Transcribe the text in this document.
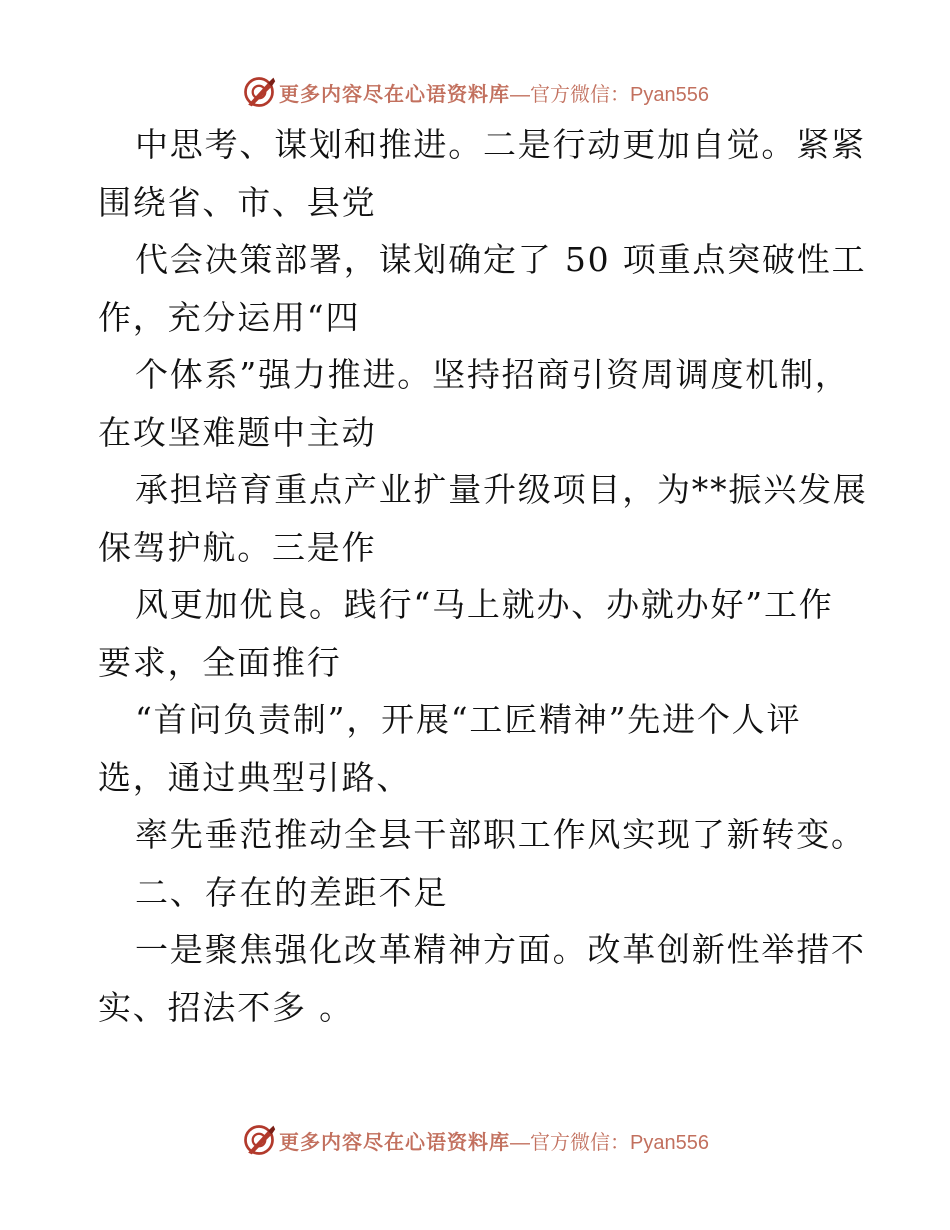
更多内容尽在心语资料库 —官方微信：Pyan556
中思考、谋划和推进。二是行动更加自觉。紧紧
围绕省、市、县党
代会决策部署，谋划确定了 50 项重点突破性工
作，充分运用“四
个体系”强力推进。坚持招商引资周调度机制，
在攻坚难题中主动
承担培育重点产业扩量升级项目，为**振兴发展
保驾护航。三是作
风更加优良。践行“马上就办、办就办好”工作
要求，全面推行
“首问负责制”，开展“工匠精神”先进个人评
选，通过典型引路、
率先垂范推动全县干部职工作风实现了新转变。
二、存在的差距不足
一是聚焦强化改革精神方面。改革创新性举措不
实、招法不多 。
更多内容尽在心语资料库 —官方微信：Pyan556
